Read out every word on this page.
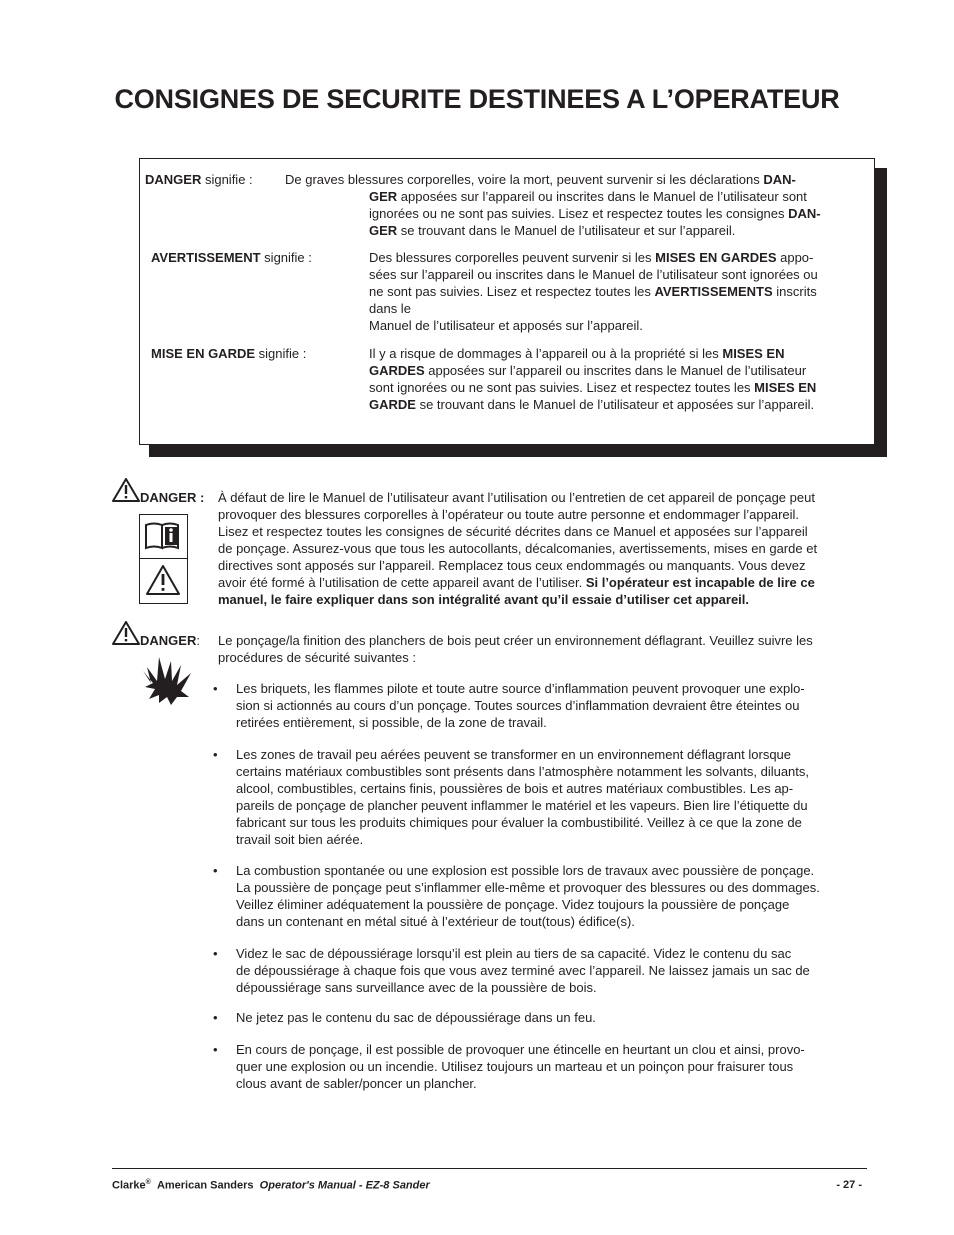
CONSIGNES DE SECURITE DESTINEES A L’OPERATEUR
DANGER signifie : De graves blessures corporelles, voire la mort, peuvent survenir si les déclarations DAN-

GER apposées sur l’appareil ou inscrites dans le Manuel de l’utilisateur sont

ignorées ou ne sont pas suivies. Lisez et respectez toutes les consignes DAN-

GER se trouvant dans le Manuel de l’utilisateur et sur l’appareil.

AVERTISSEMENT signifie :	Des blessures corporelles peuvent survenir si les MISES EN GARDES appo-

sées sur l’appareil ou inscrites dans le Manuel de l’utilisateur sont ignorées ou

ne sont pas suivies. Lisez et respectez toutes les AVERTISSEMENTS inscrits

dans le

Manuel de l’utilisateur et apposés sur l’appareil.

MISE EN GARDE signifie :	Il y a risque de dommages à l’appareil ou à la propriété si les MISES EN

GARDES apposées sur l’appareil ou inscrites dans le Manuel de l’utilisateur

sont ignorées ou ne sont pas suivies. Lisez et respectez toutes les MISES EN

GARDE se trouvant dans le Manuel de l’utilisateur et apposées sur l’appareil.

DANGER : À défaut de lire le Manuel de l’utilisateur avant l’utilisation ou l’entretien de cet appareil de ponçage peut

provoquer des blessures corporelles à l’opérateur ou toute autre personne et endommager l’appareil.

Lisez et respectez toutes les consignes de sécurité décrites dans ce Manuel et apposées sur l’appareil

de ponçage. Assurez-vous que tous les autocollants, décalcomanies, avertissements, mises en garde et

directives sont apposés sur l’appareil. Remplacez tous ceux endommagés ou manquants. Vous devez

avoir été formé à l’utilisation de cette appareil avant de l’utiliser. Si l’opérateur est incapable de lire ce

manuel, le faire expliquer dans son intégralité avant qu’il essaie d’utiliser cet appareil.

DANGER: Le ponçage/la finition des planchers de bois peut créer un environnement déflagrant. Veuillez suivre les

procédures de sécurité suivantes :

• Les briquets, les flammes pilote et toute autre source d’inflammation peuvent provoquer une explo-

sion si actionnés au cours d’un ponçage. Toutes sources d’inflammation devraient être éteintes ou

retirées entièrement, si possible, de la zone de travail.

• Les zones de travail peu aérées peuvent se transformer en un environnement déflagrant lorsque

certains matériaux combustibles sont présents dans l’atmosphère notamment les solvants, diluants,

alcool, combustibles, certains finis, poussières de bois et autres matériaux combustibles. Les ap-

pareils de ponçage de plancher peuvent inflammer le matériel et les vapeurs. Bien lire l’étiquette du

fabricant sur tous les produits chimiques pour évaluer la combustibilité. Veillez à ce que la zone de

travail soit bien aérée.

• La combustion spontanée ou une explosion est possible lors de travaux avec poussière de ponçage.

La poussière de ponçage peut s’inflammer elle-même et provoquer des blessures ou des dommages.

Veillez éliminer adéquatement la poussière de ponçage. Videz toujours la poussière de ponçage

dans un contenant en métal situé à l’extérieur de tout(tous) édifice(s).

• Videz le sac de dépoussiérage lorsqu’il est plein au tiers de sa capacité. Videz le contenu du sac

de dépoussiérage à chaque fois que vous avez terminé avec l’appareil. Ne laissez jamais un sac de

dépoussiérage sans surveillance avec de la poussière de bois.

• Ne jetez pas le contenu du sac de dépoussiérage dans un feu.

• En cours de ponçage, il est possible de provoquer une étincelle en heurtant un clou et ainsi, provo-

quer une explosion ou un incendie. Utilisez toujours un marteau et un poinçon pour fraisurer tous

clous avant de sabler/poncer un plancher.

Clarke® American Sanders Operator's Manual - EZ-8 Sander	- 27 -
